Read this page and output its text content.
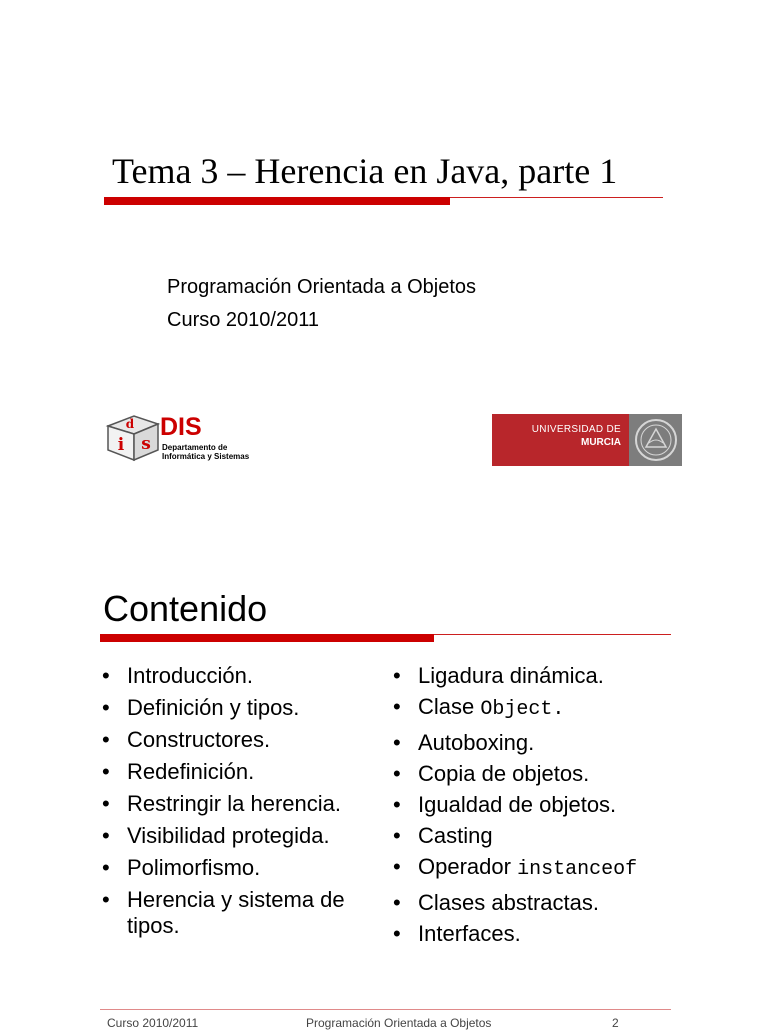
Tema 3 – Herencia en Java, parte 1
Programación Orientada a Objetos
Curso 2010/2011
d
i s
DIS
Departamento de
Informática y Sistemas
UNIVERSIDAD DE
MURCIA
Contenido
• Introducción.
• Definición y tipos.
• Constructores.
• Redefinición.
• Restringir la herencia.
• Visibilidad protegida.
• Polimorfismo.
• Herencia y sistema de tipos.
• Ligadura dinámica.
• Clase Object.
• Autoboxing.
• Copia de objetos.
• Igualdad de objetos.
• Casting
• Operador instanceof
• Clases abstractas.
• Interfaces.
Curso 2010/2011	Programación Orientada a Objetos	2
